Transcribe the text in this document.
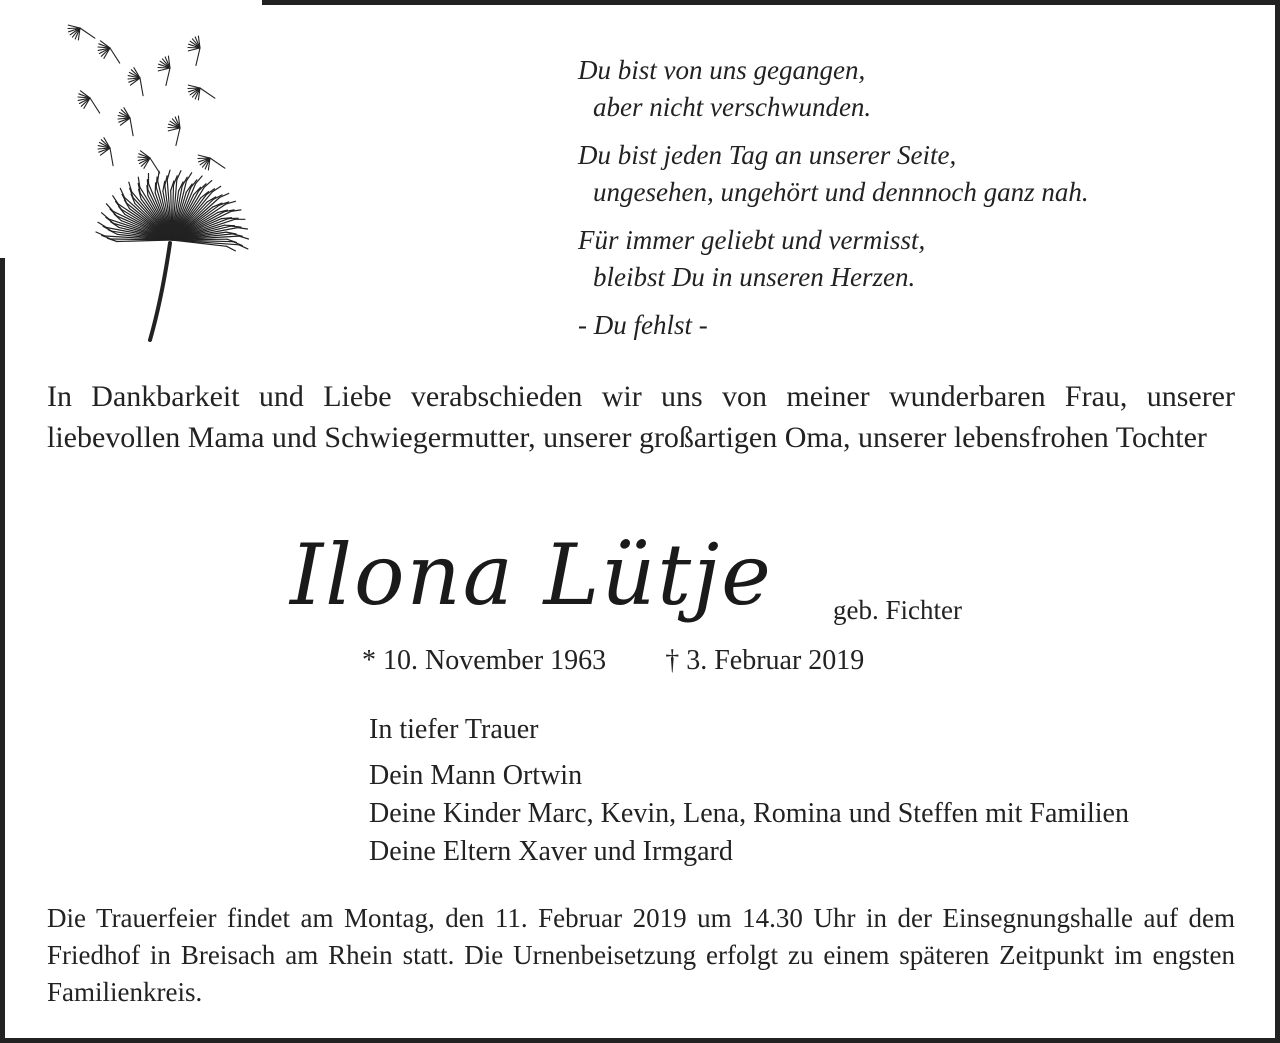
Du bist von uns gegangen,
aber nicht verschwunden.
Du bist jeden Tag an unserer Seite,
ungesehen, ungehört und dennnoch ganz nah.
Für immer geliebt und vermisst,
bleibst Du in unseren Herzen.
- Du fehlst -
In Dankbarkeit und Liebe verabschieden wir uns von meiner wunderbaren Frau, unserer liebevollen Mama und Schwiegermutter, unserer großartigen Oma, unserer lebensfrohen Tochter
Ilona Lütje geb. Fichter
* 10. November 1963 † 3. Februar 2019
In tiefer Trauer
Dein Mann Ortwin
Deine Kinder Marc, Kevin, Lena, Romina und Steffen mit Familien
Deine Eltern Xaver und Irmgard
Die Trauerfeier findet am Montag, den 11. Februar 2019 um 14.30 Uhr in der Einsegnungshalle auf dem Friedhof in Breisach am Rhein statt. Die Urnenbeisetzung erfolgt zu einem späteren Zeitpunkt im engsten Familienkreis.
